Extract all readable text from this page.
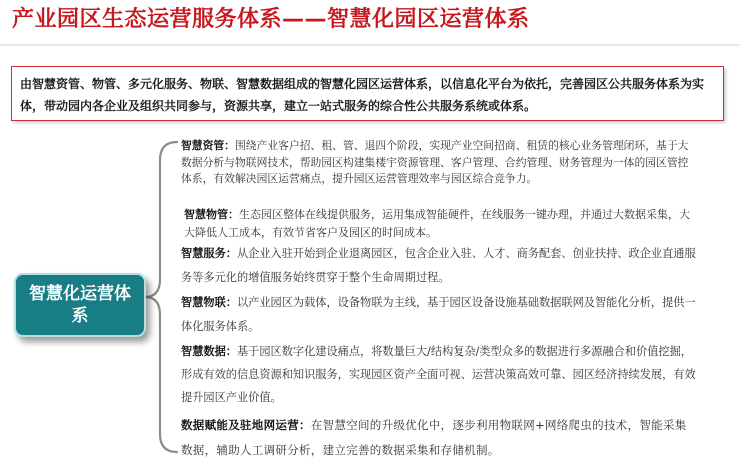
产业园区生态运营服务体系——智慧化园区运营体系
由智慧资管、物管、多元化服务、物联、智慧数据组成的智慧化园区运营体系，以信息化平台为依托，完善园区公共服务体系为实体，带动园内各企业及组织共同参与，资源共享，建立一站式服务的综合性公共服务系统或体系。
智慧化运营体系
智慧资管：围绕产业客户招、租、管、退四个阶段，实现产业空间招商、租赁的核心业务管理闭环，基于大数据分析与物联网技术，帮助园区构建集楼宇资源管理、客户管理、合约管理、财务管理为一体的园区管控体系，有效解决园区运营痛点，提升园区运营管理效率与园区综合竞争力。
智慧物管：生态园区整体在线提供服务，运用集成智能硬件，在线服务一键办理，并通过大数据采集，大大降低人工成本，有效节省客户及园区的时间成本。
智慧服务：从企业入驻开始到企业退离园区，包含企业入驻、人才、商务配套、创业扶持、政企业直通服务等多元化的增值服务始终贯穿于整个生命周期过程。
智慧物联：以产业园区为载体，设备物联为主线，基于园区设备设施基础数据联网及智能化分析，提供一体化服务体系。
智慧数据：基于园区数字化建设痛点，将数量巨大/结构复杂/类型众多的数据进行多源融合和价值挖掘，形成有效的信息资源和知识服务，实现园区资产全面可视、运营决策高效可靠、园区经济持续发展，有效提升园区产业价值。
数据赋能及驻地网运营：在智慧空间的升级优化中，逐步利用物联网+网络爬虫的技术，智能采集数据，辅助人工调研分析，建立完善的数据采集和存储机制。
